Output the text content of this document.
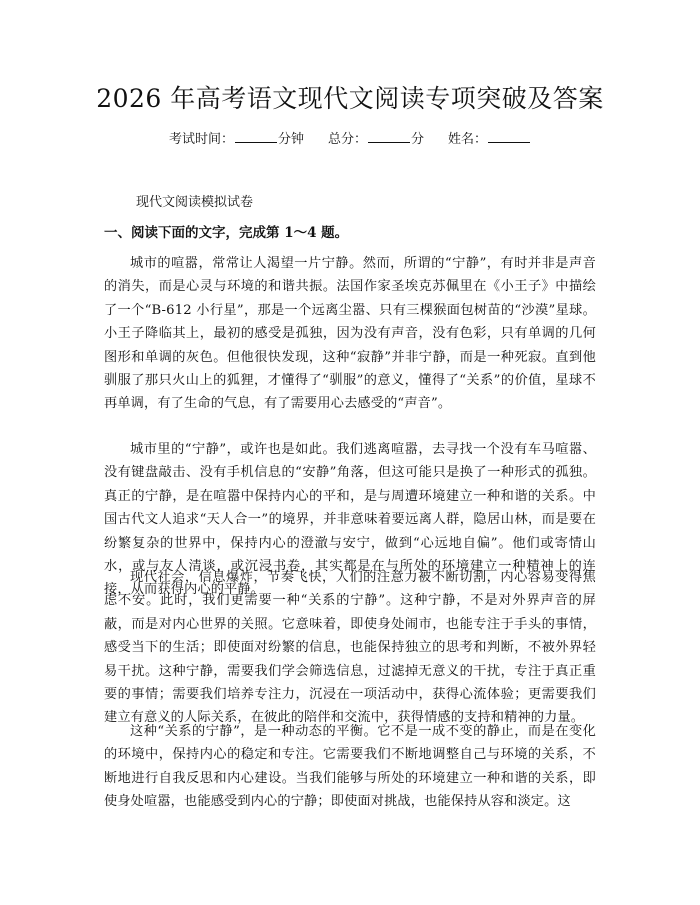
2026 年高考语文现代文阅读专项突破及答案
考试时间：	分钟 总分：	分 姓名：

现代文阅读模拟试卷

一、阅读下面的文字，完成第 1～4 题。

城市的喧嚣，常常让人渴望一片宁静。然而，所谓的“宁静”，有时并非是声音的消失，而是心灵与环境的和谐共振。法国作家圣埃克苏佩里在《小王子》中描绘了一个“B-612 小行星”，那是一个远离尘嚣、只有三棵猴面包树苗的“沙漠”星球。小王子降临其上，最初的感受是孤独，因为没有声音，没有色彩，只有单调的几何图形和单调的灰色。但他很快发现，这种“寂静”并非宁静，而是一种死寂。直到他驯服了那只火山上的狐狸，才懂得了“驯服”的意义，懂得了“关系”的价值，星球不再单调，有了生命的气息，有了需要用心去感受的“声音”。

城市里的“宁静”，或许也是如此。我们逃离喧嚣，去寻找一个没有车马喧嚣、没有键盘敲击、没有手机信息的“安静”角落，但这可能只是换了一种形式的孤独。真正的宁静，是在喧嚣中保持内心的平和，是与周遭环境建立一种和谐的关系。中国古代文人追求“天人合一”的境界，并非意味着要远离人群，隐居山林，而是要在纷繁复杂的世界中，保持内心的澄澈与安宁，做到“心远地自偏”。他们或寄情山水，或与友人清谈，或沉浸书卷，其实都是在与所处的环境建立一种精神上的连接，从而获得内心的平静。

现代社会，信息爆炸，节奏飞快，人们的注意力被不断切割，内心容易变得焦虑不安。此时，我们更需要一种“关系的宁静”。这种宁静，不是对外界声音的屏蔽，而是对内心世界的关照。它意味着，即使身处闹市，也能专注于手头的事情，感受当下的生活；即使面对纷繁的信息，也能保持独立的思考和判断，不被外界轻易干扰。这种宁静，需要我们学会筛选信息，过滤掉无意义的干扰，专注于真正重要的事情；需要我们培养专注力，沉浸在一项活动中，获得心流体验；更需要我们建立有意义的人际关系，在彼此的陪伴和交流中，获得情感的支持和精神的力量。

这种“关系的宁静”，是一种动态的平衡。它不是一成不变的静止，而是在变化的环境中，保持内心的稳定和专注。它需要我们不断地调整自己与环境的关系，不断地进行自我反思和内心建设。当我们能够与所处的环境建立一种和谐的关系，即使身处喧嚣，也能感受到内心的宁静；即使面对挑战，也能保持从容和淡定。这
